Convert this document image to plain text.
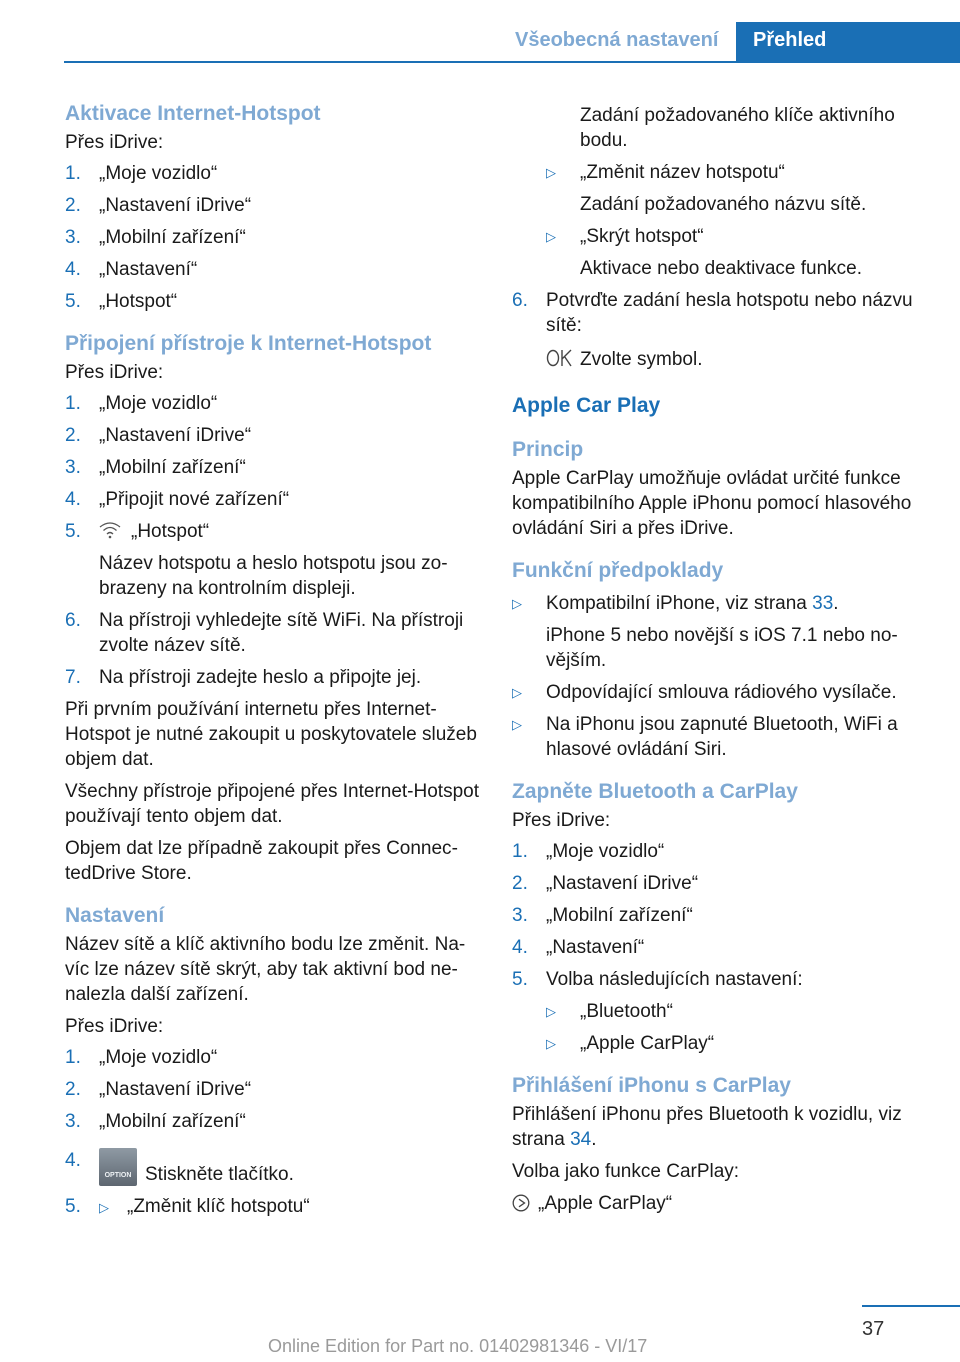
Všeobecná nastavení Přehled
Aktivace Internet-Hotspot

Přes iDrive:

1. „Moje vozidlo“
2. „Nastavení iDrive“
3. „Mobilní zařízení“
4. „Nastavení“
5. „Hotspot“
Připojení přístroje k Internet-Hotspot

Přes iDrive:

1. „Moje vozidlo“
2. „Nastavení iDrive“
3. „Mobilní zařízení“
4. „Připojit nové zařízení“
5.	„Hotspot“
Název hotspotu a heslo hotspotu jsou zobrazeny na kontrolním displeji.
6. Na přístroji vyhledejte sítě WiFi. Na přístroji zvolte název sítě.
7. Na přístroji zadejte heslo a připojte jej.

Při prvním používání internetu přes Internet-Hotspot je nutné zakoupit u poskytovatele služeb objem dat.

Všechny přístroje připojené přes Internet-Hotspot používají tento objem dat.

Objem dat lze případně zakoupit přes ConnectedDrive Store.

Nastavení

Název sítě a klíč aktivního bodu lze změnit. Navíc lze název sítě skrýt, aby tak aktivní bod nenalezla další zařízení.

Přes iDrive:

1. „Moje vozidlo“
2. „Nastavení iDrive“
3. „Mobilní zařízení“
4.
OPTION Stiskněte tlačítko.
5. ▷ „Změnit klíč hotspotu“
Zadání požadovaného klíče aktivního bodu.
▷ „Změnit název hotspotu“
Zadání požadovaného názvu sítě.
▷ „Skrýt hotspot“
Aktivace nebo deaktivace funkce.
6. Potvrďte zadání hesla hotspotu nebo názvu sítě:
Zvolte symbol.
Apple Car Play
Princip

Apple CarPlay umožňuje ovládat určité funkce kompatibilního Apple iPhonu pomocí hlasového ovládání Siri a přes iDrive.

Funkční předpoklady
▷ Kompatibilní iPhone, viz strana 33.
iPhone 5 nebo novější s iOS 7.1 nebo novějším.
▷ Odpovídající smlouva rádiového vysílače.
▷ Na iPhonu jsou zapnuté Bluetooth, WiFi a hlasové ovládání Siri.
Zapněte Bluetooth a CarPlay

Přes iDrive:

1. „Moje vozidlo“
2. „Nastavení iDrive“
3. „Mobilní zařízení“
4. „Nastavení“
5. Volba následujících nastavení:
▷ „Bluetooth“
▷ „Apple CarPlay“
Přihlášení iPhonu s CarPlay

Přihlášení iPhonu přes Bluetooth k vozidlu, viz strana 34.

Volba jako funkce CarPlay:

„Apple CarPlay“
37
Online Edition for Part no. 01402981346 - VI/17
